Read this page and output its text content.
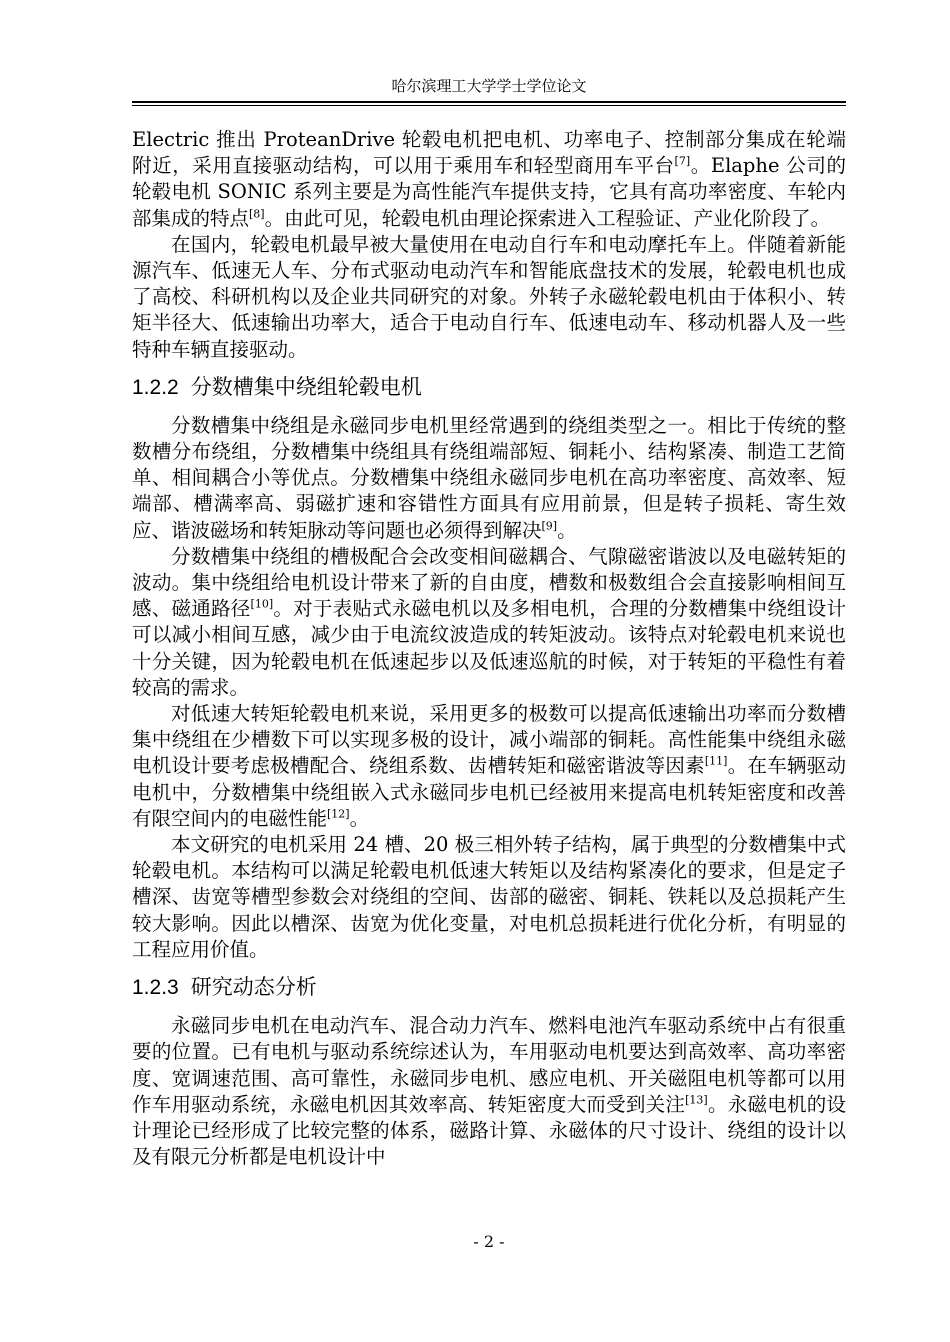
哈尔滨理工大学学士学位论文

Electric 推出 ProteanDrive 轮毂电机把电机、功率电子、控制部分集成在轮端附近，采用直接驱动结构，可以用于乘用车和轻型商用车平台[7]。Elaphe 公司的轮毂电机 SONIC 系列主要是为高性能汽车提供支持，它具有高功率密度、车轮内部集成的特点[8]。由此可见，轮毂电机由理论探索进入工程验证、产业化阶段了。

在国内，轮毂电机最早被大量使用在电动自行车和电动摩托车上。伴随着新能源汽车、低速无人车、分布式驱动电动汽车和智能底盘技术的发展，轮毂电机也成了高校、科研机构以及企业共同研究的对象。外转子永磁轮毂电机由于体积小、转矩半径大、低速输出功率大，适合于电动自行车、低速电动车、移动机器人及一些特种车辆直接驱动。

1.2.2 分数槽集中绕组轮毂电机

分数槽集中绕组是永磁同步电机里经常遇到的绕组类型之一。相比于传统的整数槽分布绕组，分数槽集中绕组具有绕组端部短、铜耗小、结构紧凑、制造工艺简单、相间耦合小等优点。分数槽集中绕组永磁同步电机在高功率密度、高效率、短端部、槽满率高、弱磁扩速和容错性方面具有应用前景，但是转子损耗、寄生效应、谐波磁场和转矩脉动等问题也必须得到解决[9]。

分数槽集中绕组的槽极配合会改变相间磁耦合、气隙磁密谐波以及电磁转矩的波动。集中绕组给电机设计带来了新的自由度，槽数和极数组合会直接影响相间互感、磁通路径[10]。对于表贴式永磁电机以及多相电机，合理的分数槽集中绕组设计可以减小相间互感，减少由于电流纹波造成的转矩波动。该特点对轮毂电机来说也十分关键，因为轮毂电机在低速起步以及低速巡航的时候，对于转矩的平稳性有着较高的需求。

对低速大转矩轮毂电机来说，采用更多的极数可以提高低速输出功率而分数槽集中绕组在少槽数下可以实现多极的设计，减小端部的铜耗。高性能集中绕组永磁电机设计要考虑极槽配合、绕组系数、齿槽转矩和磁密谐波等因素[11]。在车辆驱动电机中，分数槽集中绕组嵌入式永磁同步电机已经被用来提高电机转矩密度和改善有限空间内的电磁性能[12]。

本文研究的电机采用 24 槽、20 极三相外转子结构，属于典型的分数槽集中式轮毂电机。本结构可以满足轮毂电机低速大转矩以及结构紧凑化的要求，但是定子槽深、齿宽等槽型参数会对绕组的空间、齿部的磁密、铜耗、铁耗以及总损耗产生较大影响。因此以槽深、齿宽为优化变量，对电机总损耗进行优化分析，有明显的工程应用价值。

1.2.3 研究动态分析

永磁同步电机在电动汽车、混合动力汽车、燃料电池汽车驱动系统中占有很重要的位置。已有电机与驱动系统综述认为，车用驱动电机要达到高效率、高功率密度、宽调速范围、高可靠性，永磁同步电机、感应电机、开关磁阻电机等都可以用作车用驱动系统，永磁电机因其效率高、转矩密度大而受到关注[13]。永磁电机的设计理论已经形成了比较完整的体系，磁路计算、永磁体的尺寸设计、绕组的设计以及有限元分析都是电机设计中

- 2 -
